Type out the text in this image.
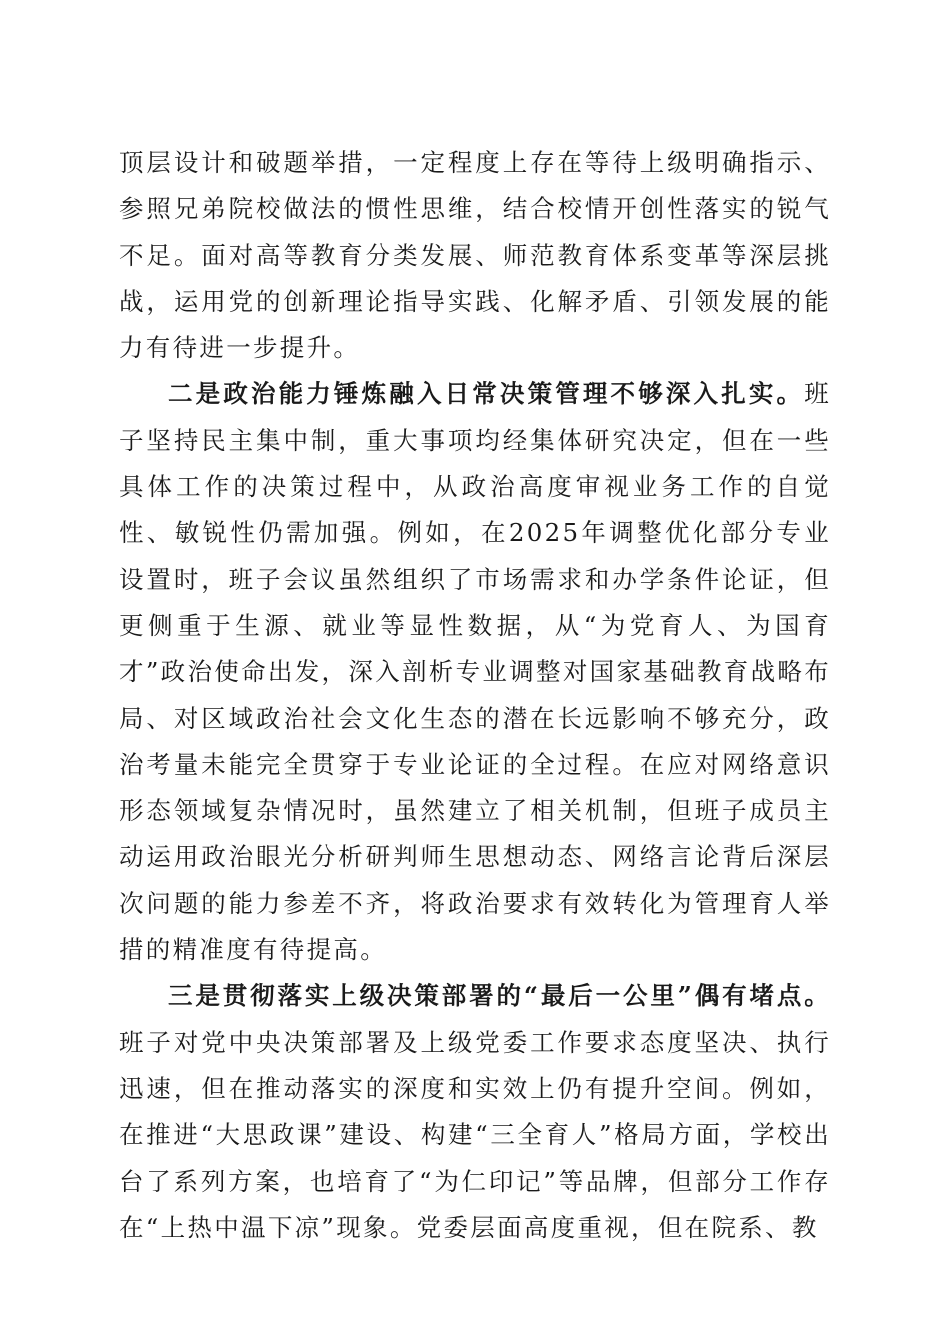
顶层设计和破题举措，一定程度上存在等待上级明确指示、参照兄弟院校做法的惯性思维，结合校情开创性落实的锐气不足。面对高等教育分类发展、师范教育体系变革等深层挑战，运用党的创新理论指导实践、化解矛盾、引领发展的能力有待进一步提升。

二是政治能力锤炼融入日常决策管理不够深入扎实。班子坚持民主集中制，重大事项均经集体研究决定，但在一些具体工作的决策过程中，从政治高度审视业务工作的自觉性、敏锐性仍需加强。例如，在2025年调整优化部分专业设置时，班子会议虽然组织了市场需求和办学条件论证，但更侧重于生源、就业等显性数据，从“为党育人、为国育才”政治使命出发，深入剖析专业调整对国家基础教育战略布局、对区域政治社会文化生态的潜在长远影响不够充分，政治考量未能完全贯穿于专业论证的全过程。在应对网络意识形态领域复杂情况时，虽然建立了相关机制，但班子成员主动运用政治眼光分析研判师生思想动态、网络言论背后深层次问题的能力参差不齐，将政治要求有效转化为管理育人举措的精准度有待提高。

三是贯彻落实上级决策部署的“最后一公里”偶有堵点。班子对党中央决策部署及上级党委工作要求态度坚决、执行迅速，但在推动落实的深度和实效上仍有提升空间。例如，在推进“大思政课”建设、构建“三全育人”格局方面，学校出台了系列方案，也培育了“为仁印记”等品牌，但部分工作存在“上热中温下凉”现象。党委层面高度重视，但在院系、教
